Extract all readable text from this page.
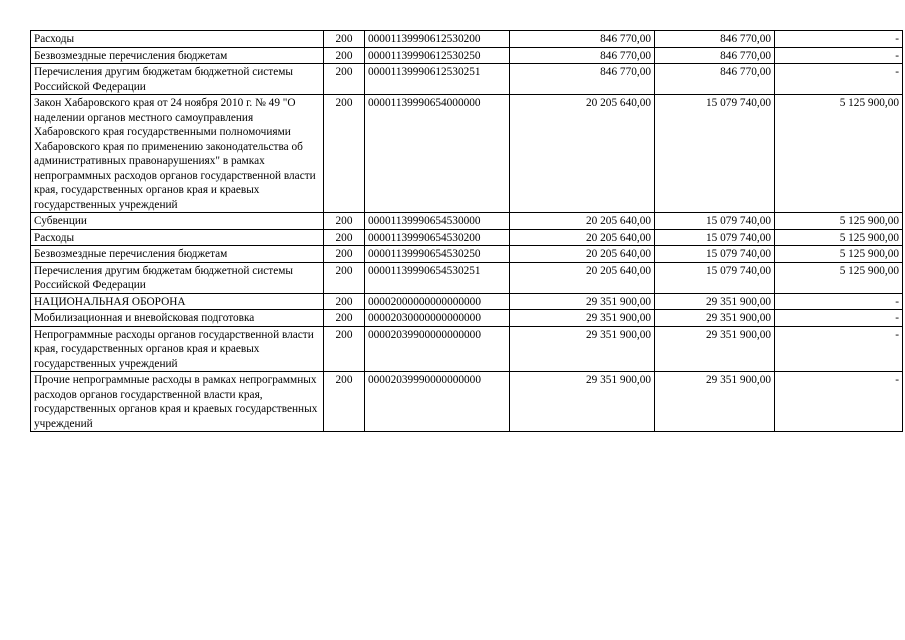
Расходы	200	00001139990612530200	846 770,00	846 770,00	-
Безвозмездные перечисления бюджетам	200	00001139990612530250	846 770,00	846 770,00	-
Перечисления другим бюджетам бюджетной системы Российской Федерации	200	00001139990612530251	846 770,00	846 770,00	-
Закон Хабаровского края от 24 ноября 2010 г. № 49 "О наделении органов местного самоуправления Хабаровского края государственными полномочиями Хабаровского края по применению законодательства об административных правонарушениях" в рамках непрограммных расходов органов государственной власти края, государственных органов края и краевых государственных учреждений	200	00001139990654000000	20 205 640,00	15 079 740,00	5 125 900,00
Субвенции	200	00001139990654530000	20 205 640,00	15 079 740,00	5 125 900,00
Расходы	200	00001139990654530200	20 205 640,00	15 079 740,00	5 125 900,00
Безвозмездные перечисления бюджетам	200	00001139990654530250	20 205 640,00	15 079 740,00	5 125 900,00
Перечисления другим бюджетам бюджетной системы Российской Федерации	200	00001139990654530251	20 205 640,00	15 079 740,00	5 125 900,00
НАЦИОНАЛЬНАЯ ОБОРОНА	200	00002000000000000000	29 351 900,00	29 351 900,00	-
Мобилизационная и вневойсковая подготовка	200	00002030000000000000	29 351 900,00	29 351 900,00	-
Непрограммные расходы органов государственной власти края, государственных органов края и краевых государственных учреждений	200	00002039900000000000	29 351 900,00	29 351 900,00	-
Прочие непрограммные расходы в рамках непрограммных расходов органов государственной власти края, государственных органов края и краевых государственных учреждений	200	00002039990000000000	29 351 900,00	29 351 900,00	-
